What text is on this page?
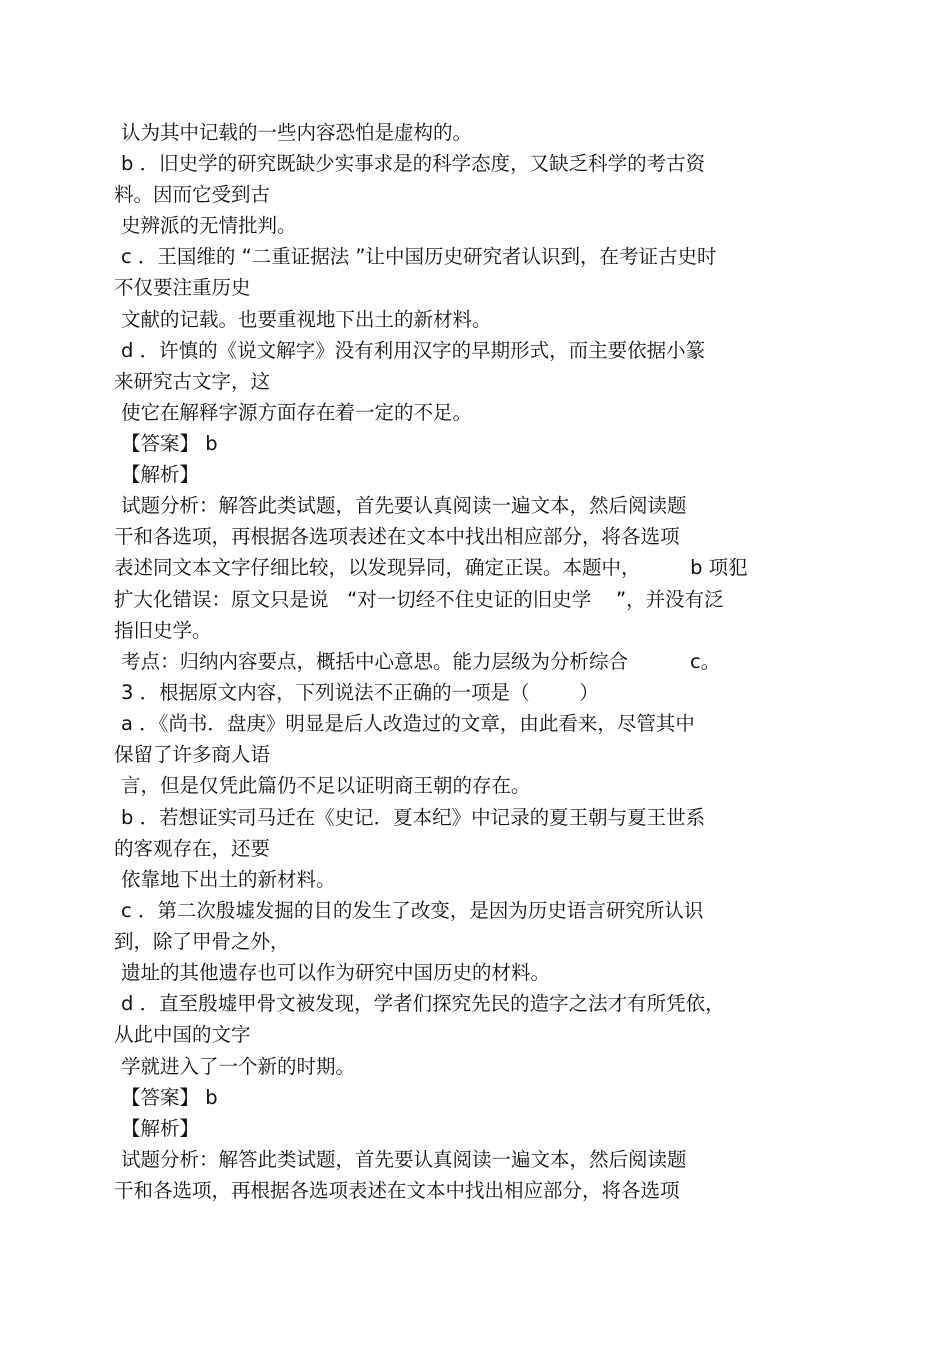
认为其中记载的一些内容恐怕是虚构的。
b ．旧史学的研究既缺少实事求是的科学态度，又缺乏科学的考古资
料。因而它受到古
史辨派的无情批判。
c ．王国维的 “二重证据法 ”让中国历史研究者认识到，在考证古史时
不仅要注重历史
文献的记载。也要重视地下出土的新材料。
d ．许慎的《说文解字》没有利用汉字的早期形式，而主要依据小篆
来研究古文字，这
使它在解释字源方面存在着一定的不足。
【答案】 b
【解析】
试题分析：解答此类试题，首先要认真阅读一遍文本，然后阅读题
干和各选项，再根据各选项表述在文本中找出相应部分，将各选项
表述同文本文字仔细比较，以发现异同，确定正误。本题中，        b 项犯
扩大化错误：原文只是说   “对一切经不住史证的旧史学    ”，并没有泛
指旧史学。
考点：归纳内容要点，概括中心意思。能力层级为分析综合          c。
3 ．根据原文内容，下列说法不正确的一项是（        ）
a ．《尚书．盘庚》明显是后人改造过的文章，由此看来，尽管其中
保留了许多商人语
言，但是仅凭此篇仍不足以证明商王朝的存在。
b ．若想证实司马迁在《史记．夏本纪》中记录的夏王朝与夏王世系
的客观存在，还要
依靠地下出土的新材料。
c ．第二次殷墟发掘的目的发生了改变，是因为历史语言研究所认识
到，除了甲骨之外，
遗址的其他遗存也可以作为研究中国历史的材料。
d ．直至殷墟甲骨文被发现，学者们探究先民的造字之法才有所凭依，
从此中国的文字
学就进入了一个新的时期。
【答案】 b
【解析】
试题分析：解答此类试题，首先要认真阅读一遍文本，然后阅读题
干和各选项，再根据各选项表述在文本中找出相应部分，将各选项
